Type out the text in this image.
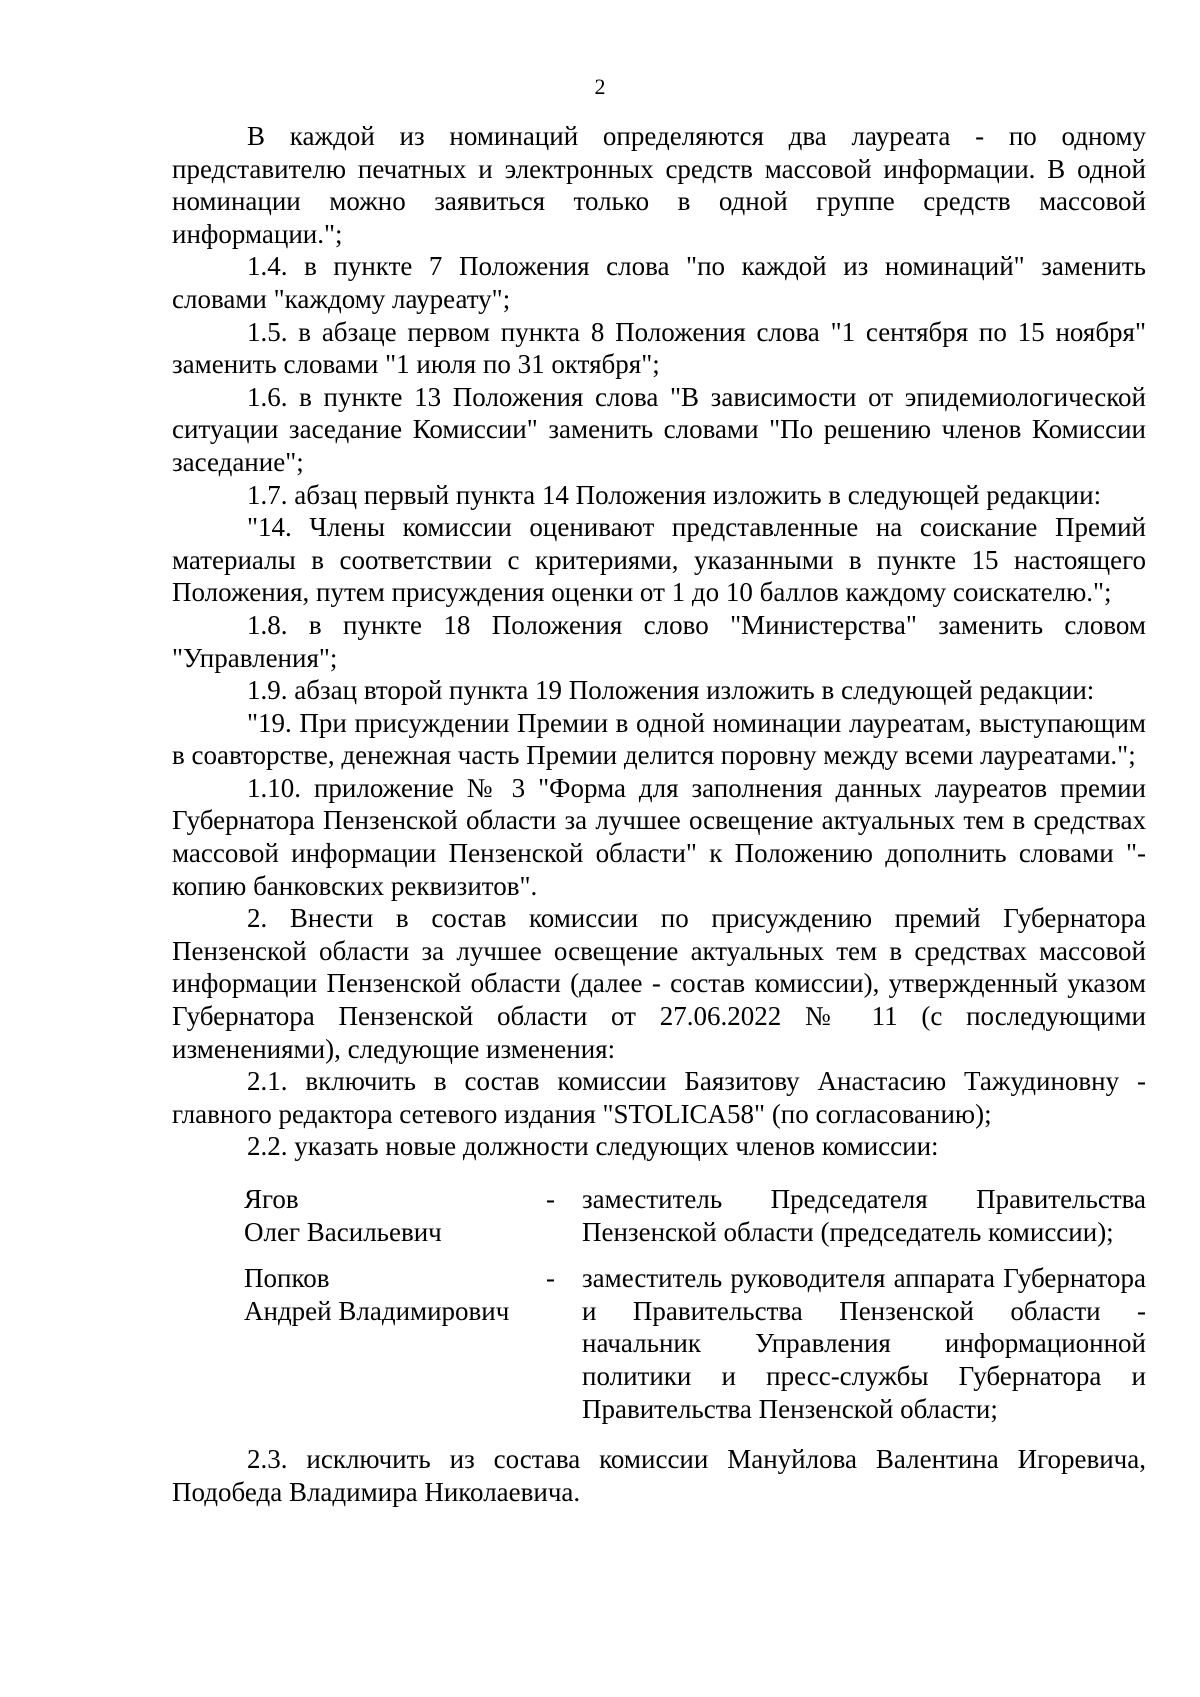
2

В каждой из номинаций определяются два лауреата - по одному представителю печатных и электронных средств массовой информации. В одной номинации можно заявиться только в одной группе средств массовой информации.";

1.4. в пункте 7 Положения слова "по каждой из номинаций" заменить словами "каждому лауреату";

1.5. в абзаце первом пункта 8 Положения слова "1 сентября по 15 ноября" заменить словами "1 июля по 31 октября";

1.6. в пункте 13 Положения слова "В зависимости от эпидемиологической ситуации заседание Комиссии" заменить словами "По решению членов Комиссии заседание";

1.7. абзац первый пункта 14 Положения изложить в следующей редакции:

"14. Члены комиссии оценивают представленные на соискание Премий материалы в соответствии с критериями, указанными в пункте 15 настоящего Положения, путем присуждения оценки от 1 до 10 баллов каждому соискателю.";

1.8. в пункте 18 Положения слово "Министерства" заменить словом "Управления";

1.9. абзац второй пункта 19 Положения изложить в следующей редакции:

"19. При присуждении Премии в одной номинации лауреатам, выступающим в соавторстве, денежная часть Премии делится поровну между всеми лауреатами.";

1.10. приложение № 3 "Форма для заполнения данных лауреатов премии Губернатора Пензенской области за лучшее освещение актуальных тем в средствах массовой информации Пензенской области" к Положению дополнить словами "- копию банковских реквизитов".

2. Внести в состав комиссии по присуждению премий Губернатора Пензенской области за лучшее освещение актуальных тем в средствах массовой информации Пензенской области (далее - состав комиссии), утвержденный указом Губернатора Пензенской области от 27.06.2022 № 11 (с последующими изменениями), следующие изменения:

2.1. включить в состав комиссии Баязитову Анастасию Тажудиновну - главного редактора сетевого издания "STOLICA58" (по согласованию);

2.2. указать новые должности следующих членов комиссии:

Ягов
Олег Васильевич
-	заместитель Председателя Правительства Пензенской области (председатель комиссии);
Попков
Андрей Владимирович
-	заместитель руководителя аппарата Губернатора и Правительства Пензенской области - начальник Управления информационной политики и пресс-службы Губернатора и Правительства Пензенской области;

2.3. исключить из состава комиссии Мануйлова Валентина Игоревича, Подобеда Владимира Николаевича.
